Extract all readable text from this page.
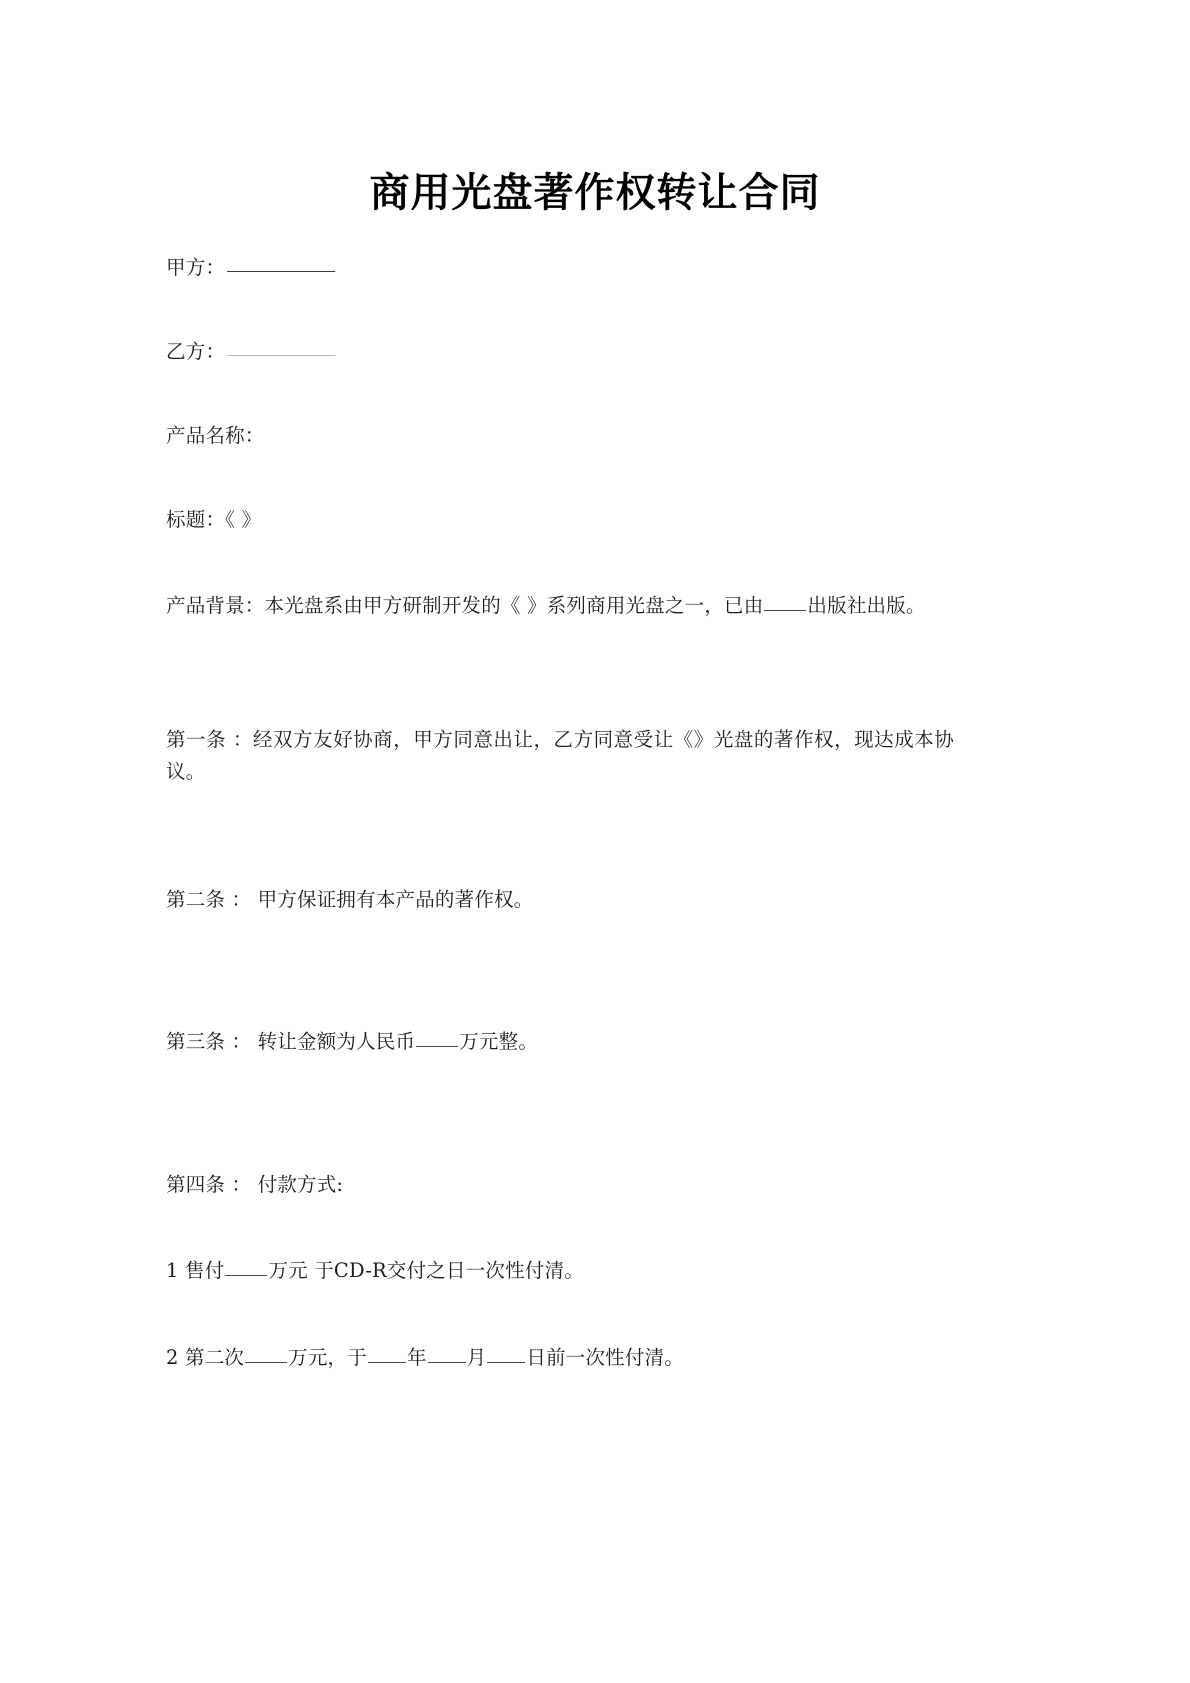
商用光盘著作权转让合同

甲方：

乙方：

产品名称：

标题：《 》

产品背景：本光盘系由甲方研制开发的《 》系列商用光盘之一，已由 出版社出版。

第一条 ：经双方友好协商，甲方同意出让，乙方同意受让《》光盘的著作权，现达成本协议。

第二条 ： 甲方保证拥有本产品的著作权。

第三条 ： 转让金额为人民币 万元整。

第四条 ： 付款方式:

1 售付 万元 于CD-R交付之日一次性付清。

2 第二次 万元，于 年 月 日前一次性付清。
